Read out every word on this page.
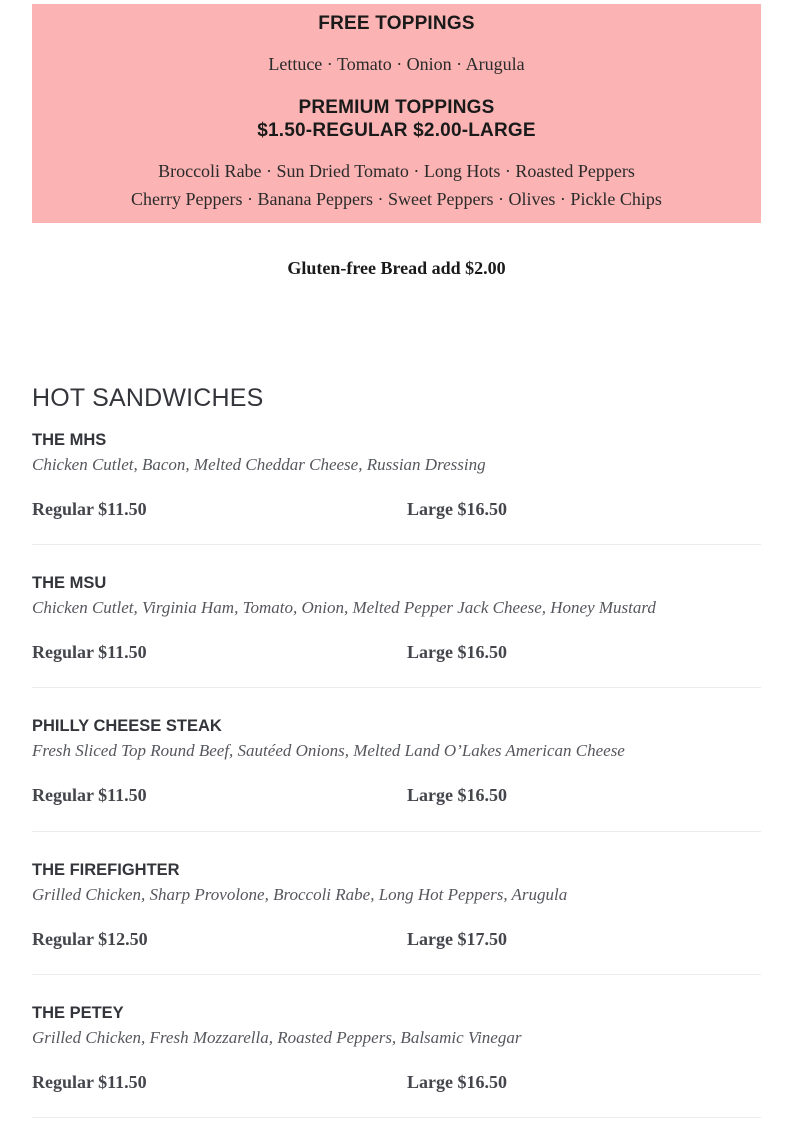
FREE TOPPINGS
Lettuce · Tomato · Onion · Arugula
PREMIUM TOPPINGS
$1.50-REGULAR $2.00-LARGE
Broccoli Rabe · Sun Dried Tomato · Long Hots · Roasted Peppers
Cherry Peppers · Banana Peppers · Sweet Peppers · Olives · Pickle Chips
Gluten-free Bread add $2.00
HOT SANDWICHES
THE MHS
Chicken Cutlet, Bacon, Melted Cheddar Cheese, Russian Dressing
Regular $11.50	Large $16.50
THE MSU
Chicken Cutlet, Virginia Ham, Tomato, Onion, Melted Pepper Jack Cheese, Honey Mustard
Regular $11.50	Large $16.50
PHILLY CHEESE STEAK
Fresh Sliced Top Round Beef, Sautéed Onions, Melted Land O’Lakes American Cheese
Regular $11.50	Large $16.50
THE FIREFIGHTER
Grilled Chicken, Sharp Provolone, Broccoli Rabe, Long Hot Peppers, Arugula
Regular $12.50	Large $17.50
THE PETEY
Grilled Chicken, Fresh Mozzarella, Roasted Peppers, Balsamic Vinegar
Regular $11.50	Large $16.50
